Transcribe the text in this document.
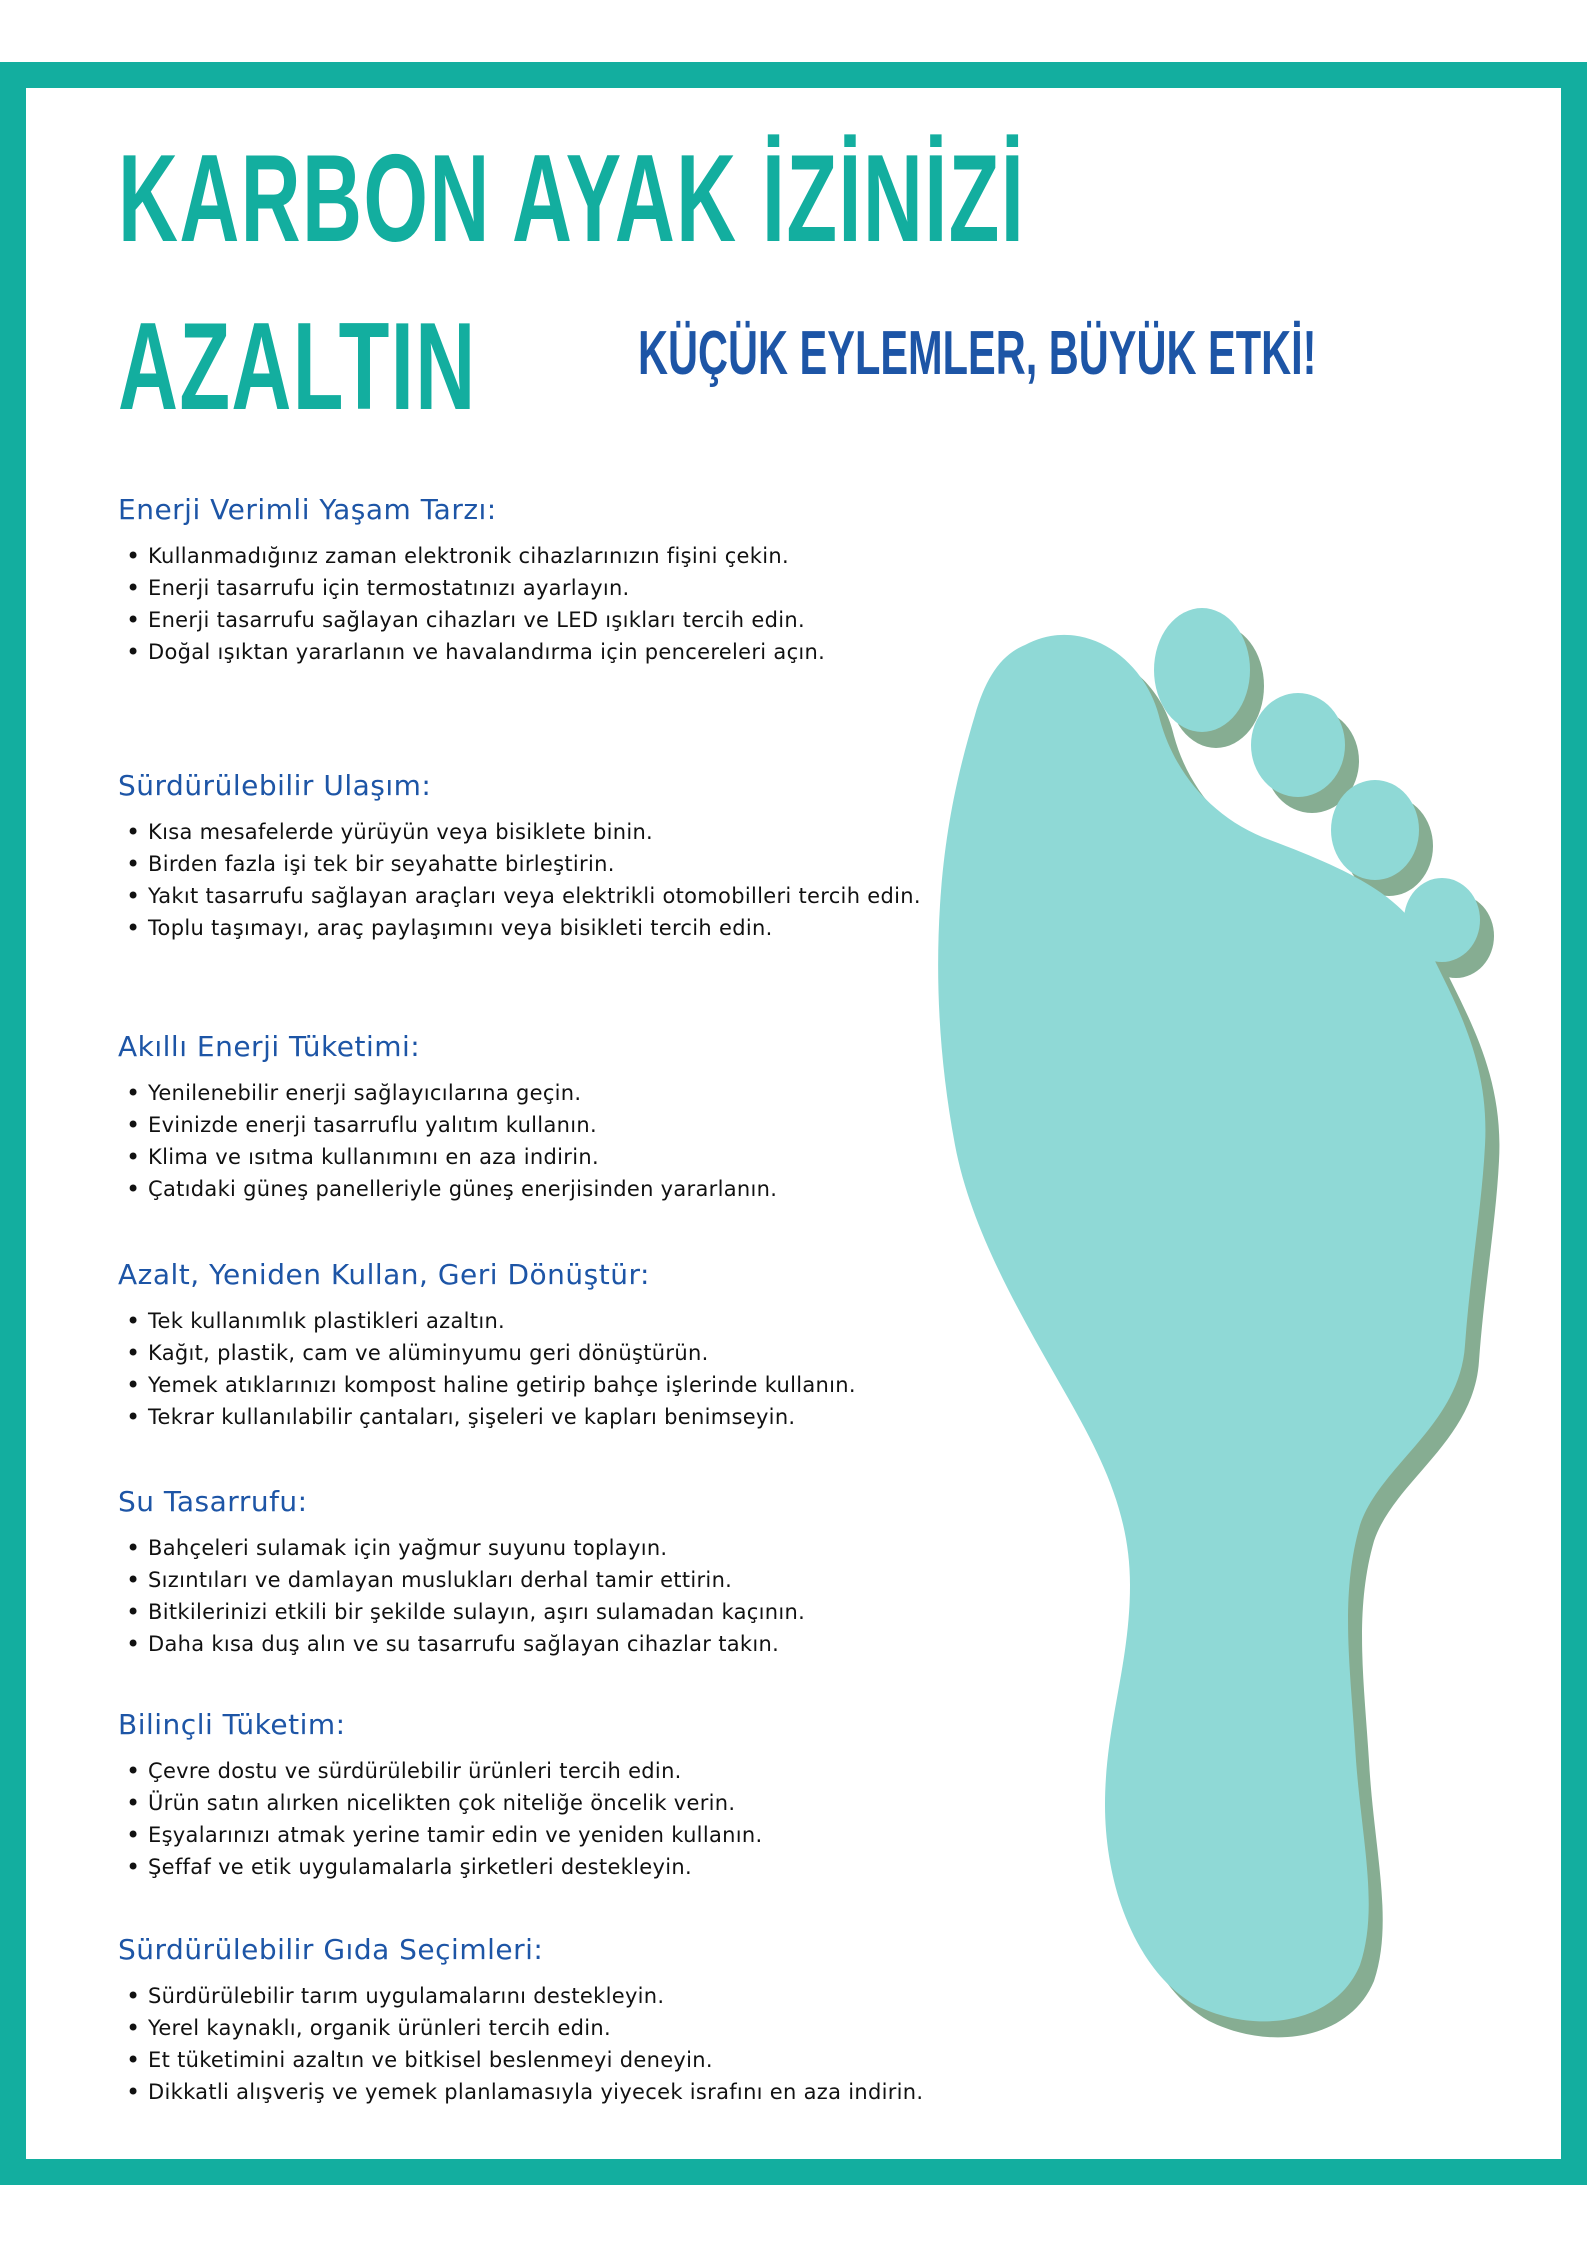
KARBON AYAK İZİNİZİ
AZALTIN	KÜÇÜK EYLEMLER, BÜYÜK ETKİ!

Enerji Verimli Yaşam Tarzı:
• Kullanmadığınız zaman elektronik cihazlarınızın fişini çekin.
• Enerji tasarrufu için termostatınızı ayarlayın.
• Enerji tasarrufu sağlayan cihazları ve LED ışıkları tercih edin.
• Doğal ışıktan yararlanın ve havalandırma için pencereleri açın.
Sürdürülebilir Ulaşım:
• Kısa mesafelerde yürüyün veya bisiklete binin.
• Birden fazla işi tek bir seyahatte birleştirin.
• Yakıt tasarrufu sağlayan araçları veya elektrikli otomobilleri tercih edin.
• Toplu taşımayı, araç paylaşımını veya bisikleti tercih edin.
Akıllı Enerji Tüketimi:
• Yenilenebilir enerji sağlayıcılarına geçin.
• Evinizde enerji tasarruflu yalıtım kullanın.
• Klima ve ısıtma kullanımını en aza indirin.
• Çatıdaki güneş panelleriyle güneş enerjisinden yararlanın.
Azalt, Yeniden Kullan, Geri Dönüştür:
• Tek kullanımlık plastikleri azaltın.
• Kağıt, plastik, cam ve alüminyumu geri dönüştürün.
• Yemek atıklarınızı kompost haline getirip bahçe işlerinde kullanın.
• Tekrar kullanılabilir çantaları, şişeleri ve kapları benimseyin.
Su Tasarrufu:
• Bahçeleri sulamak için yağmur suyunu toplayın.
• Sızıntıları ve damlayan muslukları derhal tamir ettirin.
• Bitkilerinizi etkili bir şekilde sulayın, aşırı sulamadan kaçının.
• Daha kısa duş alın ve su tasarrufu sağlayan cihazlar takın.
Bilinçli Tüketim:
• Çevre dostu ve sürdürülebilir ürünleri tercih edin.
• Ürün satın alırken nicelikten çok niteliğe öncelik verin.
• Eşyalarınızı atmak yerine tamir edin ve yeniden kullanın.
• Şeffaf ve etik uygulamalarla şirketleri destekleyin.
Sürdürülebilir Gıda Seçimleri:
• Sürdürülebilir tarım uygulamalarını destekleyin.
• Yerel kaynaklı, organik ürünleri tercih edin.
• Et tüketimini azaltın ve bitkisel beslenmeyi deneyin.
• Dikkatli alışveriş ve yemek planlamasıyla yiyecek israfını en aza indirin.
